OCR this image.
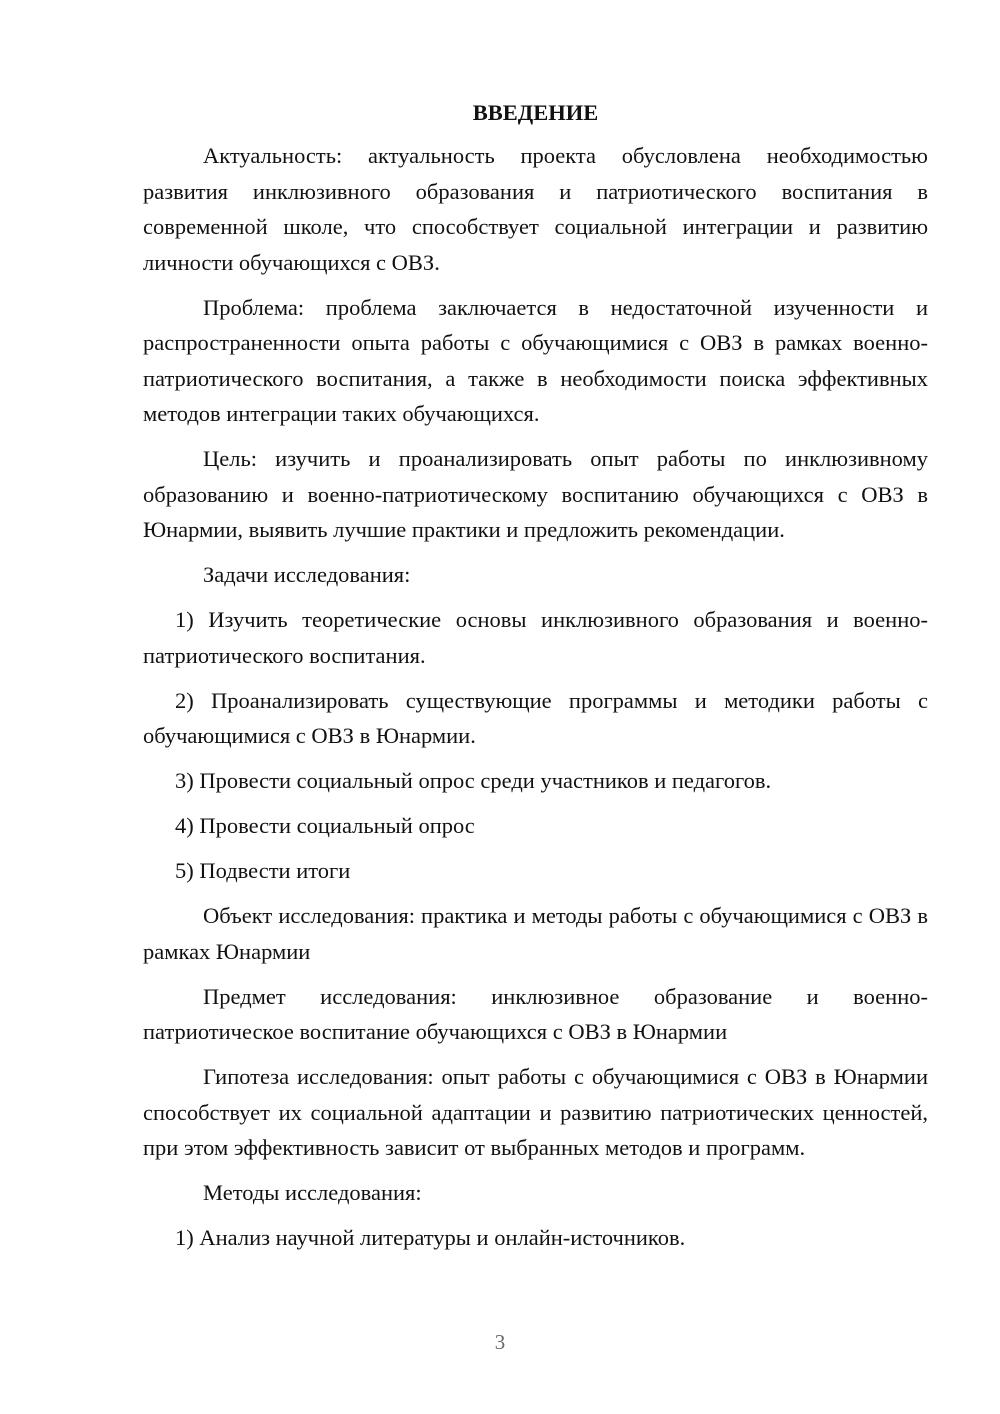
ВВЕДЕНИЕ

Актуальность: актуальность проекта обусловлена необходимостью развития инклюзивного образования и патриотического воспитания в современной школе, что способствует социальной интеграции и развитию личности обучающихся с ОВЗ.

Проблема: проблема заключается в недостаточной изученности и распространенности опыта работы с обучающимися с ОВЗ в рамках военно-патриотического воспитания, а также в необходимости поиска эффективных методов интеграции таких обучающихся.

Цель: изучить и проанализировать опыт работы по инклюзивному образованию и военно-патриотическому воспитанию обучающихся с ОВЗ в Юнармии, выявить лучшие практики и предложить рекомендации.

Задачи исследования:

1) Изучить теоретические основы инклюзивного образования и военно-патриотического воспитания.

2) Проанализировать существующие программы и методики работы с обучающимися с ОВЗ в Юнармии.

3) Провести социальный опрос среди участников и педагогов.

4) Провести социальный опрос

5) Подвести итоги

Объект исследования: практика и методы работы с обучающимися с ОВЗ в рамках Юнармии

Предмет исследования: инклюзивное образование и военно-патриотическое воспитание обучающихся с ОВЗ в Юнармии

Гипотеза исследования: опыт работы с обучающимися с ОВЗ в Юнармии способствует их социальной адаптации и развитию патриотических ценностей, при этом эффективность зависит от выбранных методов и программ.

Методы исследования:

1) Анализ научной литературы и онлайн-источников.

3
